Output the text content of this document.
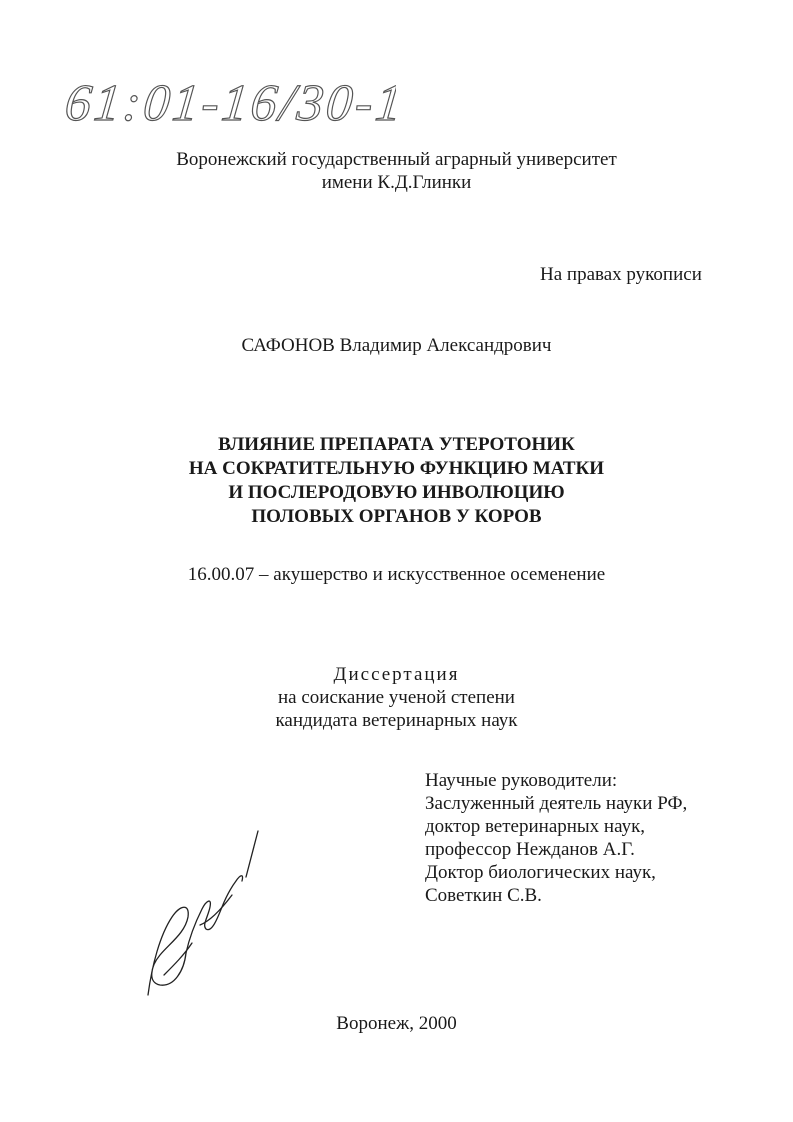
61:01-16/30-1
Воронежский государственный аграрный университет
имени К.Д.Глинки
На правах рукописи
САФОНОВ Владимир Александрович
ВЛИЯНИЕ ПРЕПАРАТА УТЕРОТОНИК
НА СОКРАТИТЕЛЬНУЮ ФУНКЦИЮ МАТКИ
И ПОСЛЕРОДОВУЮ ИНВОЛЮЦИЮ
ПОЛОВЫХ ОРГАНОВ У КОРОВ
16.00.07 – акушерство и искусственное осеменение
Диссертация
на соискание ученой степени
кандидата ветеринарных наук
Научные руководители:
Заслуженный деятель науки РФ,
доктор ветеринарных наук,
профессор Нежданов А.Г.
Доктор биологических наук,
Советкин С.В.
Воронеж, 2000
